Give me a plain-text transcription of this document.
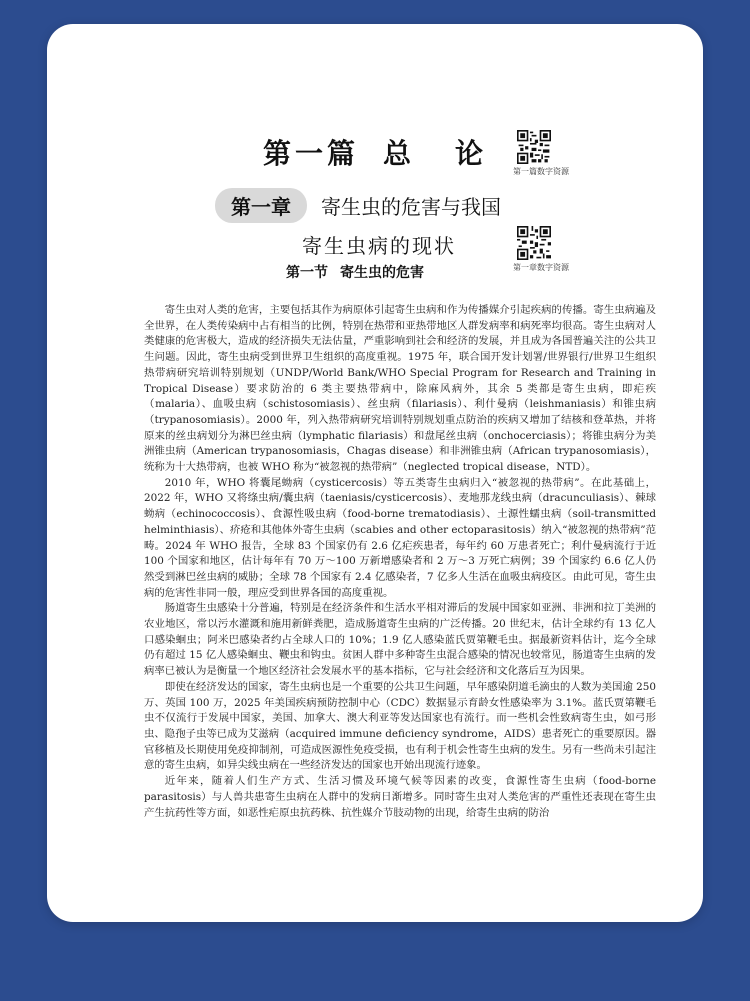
第一篇 总 论
第一篇数字资源
第一章	寄生虫的危害与我国
寄生虫病的现状
第一章数字资源
第一节 寄生虫的危害

寄生虫对人类的危害，主要包括其作为病原体引起寄生虫病和作为传播媒介引起疾病的传播。寄生虫病遍及全世界，在人类传染病中占有相当的比例，特别在热带和亚热带地区人群发病率和病死率均很高。寄生虫病对人类健康的危害极大，造成的经济损失无法估量，严重影响到社会和经济的发展，并且成为各国普遍关注的公共卫生问题。因此，寄生虫病受到世界卫生组织的高度重视。1975 年，联合国开发计划署/世界银行/世界卫生组织热带病研究培训特别规划（UNDP/World Bank/WHO Special Program for Research and Training in Tropical Disease）要求防治的 6 类主要热带病中，除麻风病外，其余 5 类都是寄生虫病，即疟疾（malaria）、血吸虫病（schistosomiasis）、丝虫病（filariasis）、利什曼病（leishmaniasis）和锥虫病（trypanosomiasis）。2000 年，列入热带病研究培训特别规划重点防治的疾病又增加了结核和登革热，并将原来的丝虫病划分为淋巴丝虫病（lymphatic filariasis）和盘尾丝虫病（onchocerciasis）；将锥虫病分为美洲锥虫病（American trypanosomiasis，Chagas disease）和非洲锥虫病（African trypanosomiasis），统称为十大热带病，也被 WHO 称为“被忽视的热带病”（neglected tropical disease，NTD）。

2010 年，WHO 将囊尾蚴病（cysticercosis）等五类寄生虫病归入“被忽视的热带病”。在此基础上，2022 年，WHO 又将绦虫病/囊虫病（taeniasis/cysticercosis）、麦地那龙线虫病（dracunculiasis）、棘球蚴病（echinococcosis）、食源性吸虫病（food-borne trematodiasis）、土源性蠕虫病（soil-transmitted helminthiasis）、疥疮和其他体外寄生虫病（scabies and other ectoparasitosis）纳入“被忽视的热带病”范畴。2024 年 WHO 报告，全球 83 个国家仍有 2.6 亿疟疾患者，每年约 60 万患者死亡；利什曼病流行于近 100 个国家和地区，估计每年有 70 万～100 万新增感染者和 2 万～3 万死亡病例；39 个国家约 6.6 亿人仍然受到淋巴丝虫病的威胁；全球 78 个国家有 2.4 亿感染者，7 亿多人生活在血吸虫病疫区。由此可见，寄生虫病的危害性非同一般，理应受到世界各国的高度重视。

肠道寄生虫感染十分普遍，特别是在经济条件和生活水平相对滞后的发展中国家如亚洲、非洲和拉丁美洲的农业地区，常以污水灌溉和施用新鲜粪肥，造成肠道寄生虫病的广泛传播。20 世纪末，估计全球约有 13 亿人口感染蛔虫；阿米巴感染者约占全球人口的 10%；1.9 亿人感染蓝氏贾第鞭毛虫。据最新资料估计，迄今全球仍有超过 15 亿人感染蛔虫、鞭虫和钩虫。贫困人群中多种寄生虫混合感染的情况也较常见，肠道寄生虫病的发病率已被认为是衡量一个地区经济社会发展水平的基本指标，它与社会经济和文化落后互为因果。

即使在经济发达的国家，寄生虫病也是一个重要的公共卫生问题，早年感染阴道毛滴虫的人数为美国逾 250 万、英国 100 万，2025 年美国疾病预防控制中心（CDC）数据显示育龄女性感染率为 3.1%。蓝氏贾第鞭毛虫不仅流行于发展中国家，美国、加拿大、澳大利亚等发达国家也有流行。而一些机会性致病寄生虫，如弓形虫、隐孢子虫等已成为艾滋病（acquired immune deficiency syndrome，AIDS）患者死亡的重要原因。器官移植及长期使用免疫抑制剂，可造成医源性免疫受损，也有利于机会性寄生虫病的发生。另有一些尚未引起注意的寄生虫病，如异尖线虫病在一些经济发达的国家也开始出现流行迹象。

近年来，随着人们生产方式、生活习惯及环境气候等因素的改变，食源性寄生虫病（food-borne parasitosis）与人兽共患寄生虫病在人群中的发病日渐增多。同时寄生虫对人类危害的严重性还表现在寄生虫产生抗药性等方面，如恶性疟原虫抗药株、抗性媒介节肢动物的出现，给寄生虫病的防治
